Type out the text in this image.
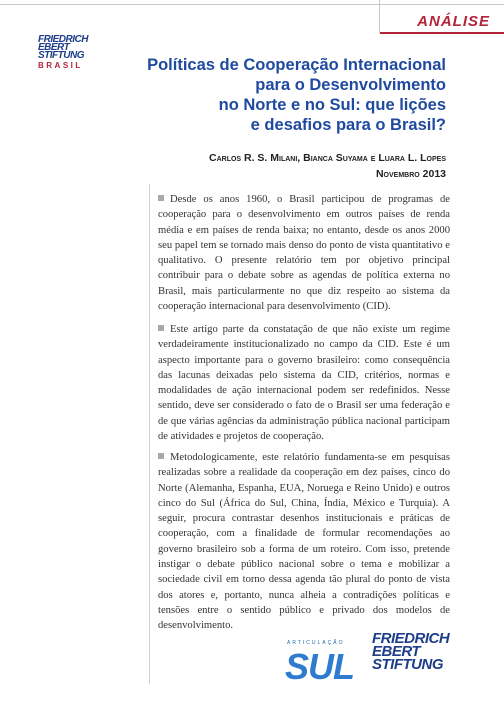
ANÁLISE
FRIEDRICH
EBERT
STIFTUNG
BRASIL	Políticas de Cooperação Internacional
para o Desenvolvimento
no Norte e no Sul: que lições
e desafios para o Brasil?
Carlos R. S. Milani, Bianca Suyama e Luara L. Lopes
Novembro 2013
Desde os anos 1960, o Brasil participou de programas de cooperação para o desenvolvimento em outros países de renda média e em países de renda baixa; no entanto, desde os anos 2000 seu papel tem se tornado mais denso do ponto de vista quantitativo e qualitativo. O presente relatório tem por objetivo principal contribuir para o debate sobre as agendas de política externa no Brasil, mais particularmente no que diz respeito ao sistema da cooperação internacional para desenvolvimento (CID).
Este artigo parte da constatação de que não existe um regime verdadeiramente institucionalizado no campo da CID. Este é um aspecto importante para o governo brasileiro: como consequência das lacunas deixadas pelo sistema da CID, critérios, normas e modalidades de ação internacional podem ser redefinidos. Nesse sentido, deve ser considerado o fato de o Brasil ser uma federação e de que várias agências da administração pública nacional participam de atividades e projetos de cooperação.
Metodologicamente, este relatório fundamenta-se em pesquisas realizadas sobre a realidade da cooperação em dez países, cinco do Norte (Alemanha, Espanha, EUA, Noruega e Reino Unido) e outros cinco do Sul (África do Sul, China, Índia, México e Turquia). A seguir, procura contrastar desenhos institucionais e práticas de cooperação, com a finalidade de formular recomendações ao governo brasileiro sob a forma de um roteiro. Com isso, pretende instigar o debate público nacional sobre o tema e mobilizar a sociedade civil em torno dessa agenda tão plural do ponto de vista dos atores e, portanto, nunca alheia a contradições políticas e tensões entre o sentido público e privado dos modelos de desenvolvimento.
ARTICULAÇÃO
SUL
FRIEDRICH
EBERT
STIFTUNG
